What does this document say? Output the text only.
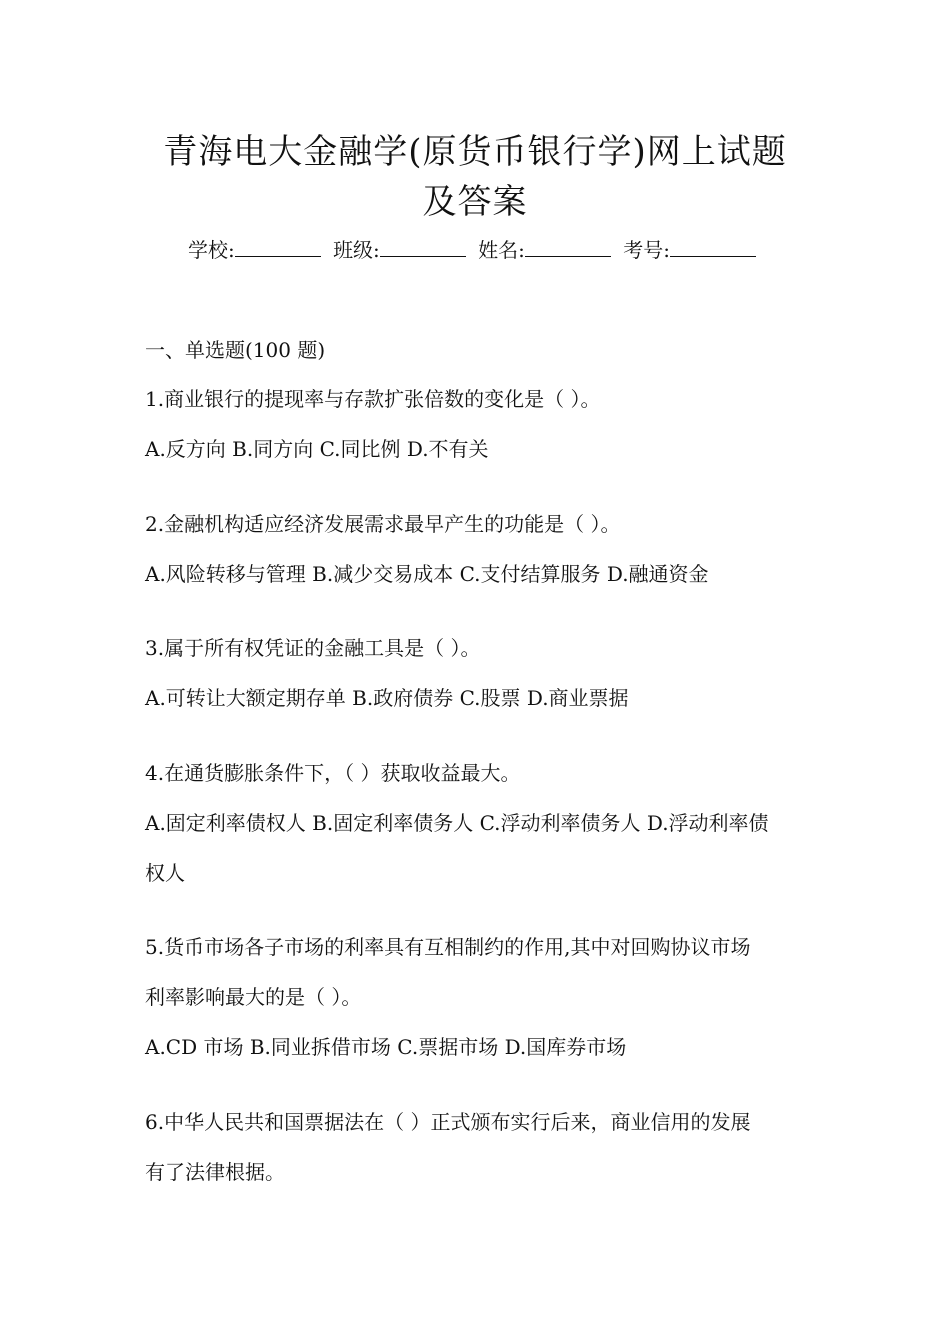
青海电大金融学(原货币银行学)网上试题
及答案
学校:	班级:	姓名:	考号:
一、单选题(100 题)
1.商业银行的提现率与存款扩张倍数的变化是（ ）。
A.反方向 B.同方向 C.同比例 D.不有关
2.金融机构适应经济发展需求最早产生的功能是（ ）。
A.风险转移与管理 B.减少交易成本 C.支付结算服务 D.融通资金
3.属于所有权凭证的金融工具是（ ）。
A.可转让大额定期存单 B.政府债券 C.股票 D.商业票据
4.在通货膨胀条件下，（ ）获取收益最大。
A.固定利率债权人 B.固定利率债务人 C.浮动利率债务人 D.浮动利率债
权人
5.货币市场各子市场的利率具有互相制约的作用,其中对回购协议市场
利率影响最大的是（ ）。
A.CD 市场 B.同业拆借市场 C.票据市场 D.国库券市场
6.中华人民共和国票据法在（ ）正式颁布实行后来，商业信用的发展
有了法律根据。
